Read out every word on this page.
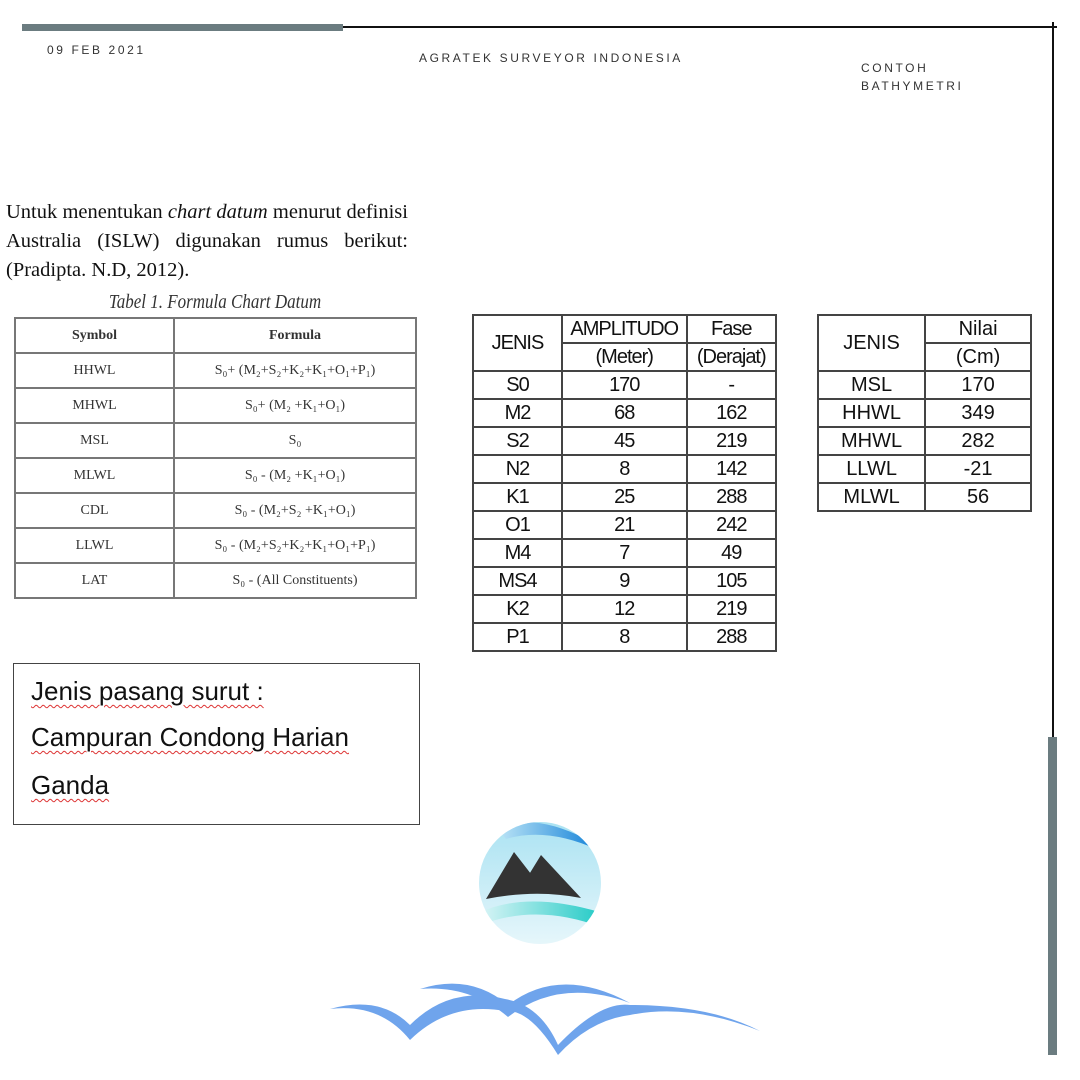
09 FEB 2021
AGRATEK SURVEYOR INDONESIA
CONTOH
BATHYMETRI
Untuk menentukan chart datum menurut definisi Australia (ISLW) digunakan rumus berikut: (Pradipta. N.D, 2012).
Tabel 1. Formula Chart Datum
Symbol	Formula
HHWL	S₀+ (M₂+S₂+K₂+K₁+O₁+P₁)
MHWL	S₀+ (M₂ +K₁+O₁)
MSL	S₀
MLWL	S₀ - (M₂ +K₁+O₁)
CDL	S₀ - (M₂+S₂ +K₁+O₁)
LLWL	S₀ - (M₂+S₂+K₂+K₁+O₁+P₁)
LAT	S₀ - (All Constituents)
Jenis pasang surut :
Campuran Condong Harian
Ganda
JENIS	AMPLITUDO	Fase
	(Meter)	(Derajat)
S0	170	-
M2	68	162
S2	45	219
N2	8	142
K1	25	288
O1	21	242
M4	7	49
MS4	9	105
K2	12	219
P1	8	288
JENIS	Nilai
	(Cm)
MSL	170
HHWL	349
MHWL	282
LLWL	-21
MLWL	56
